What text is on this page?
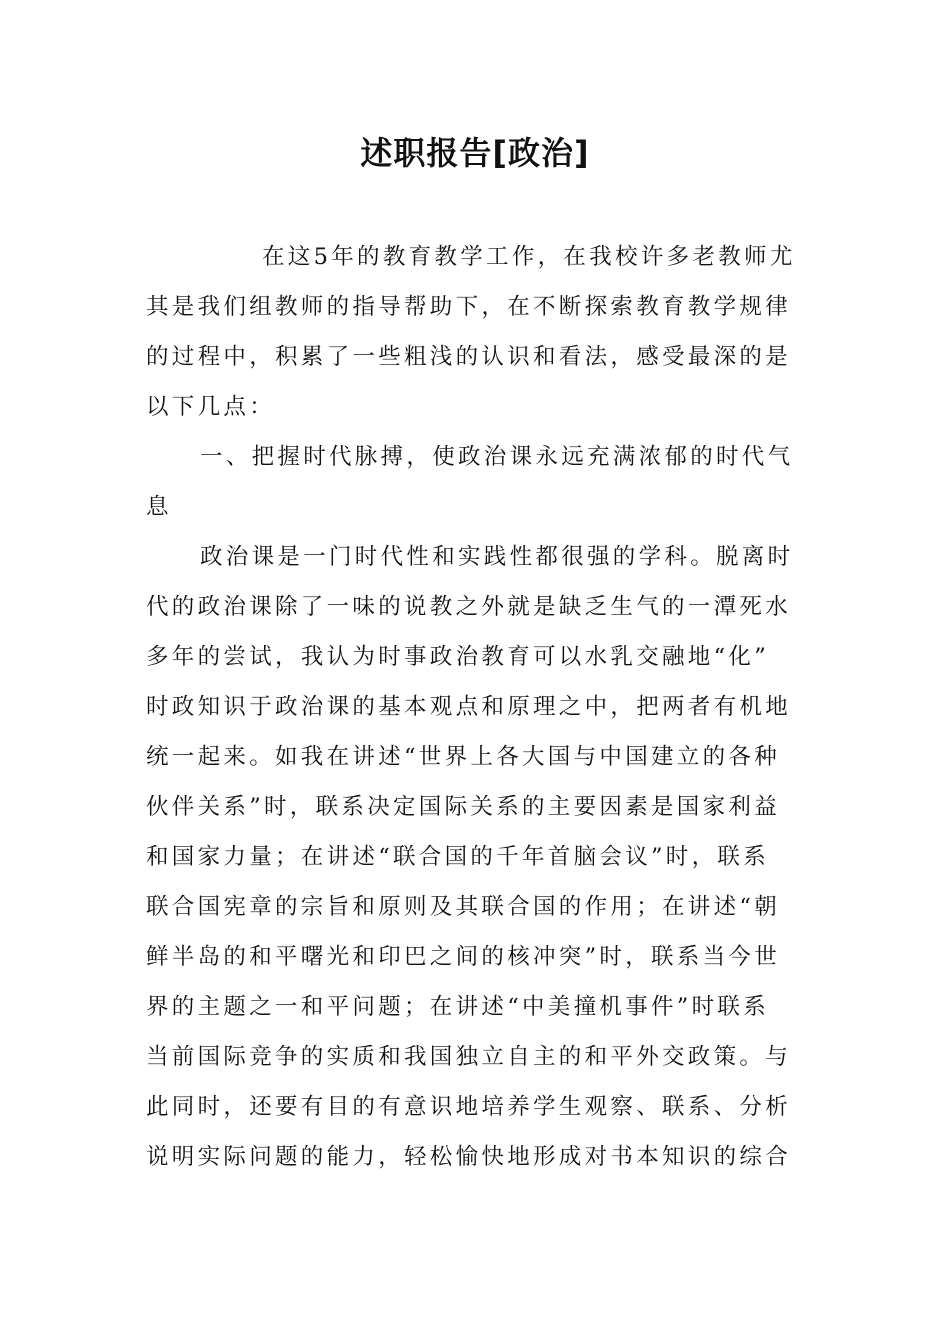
述职报告[政治]
在这5年的教育教学工作，在我校许多老教师尤
其是我们组教师的指导帮助下，在不断探索教育教学规律
的过程中，积累了一些粗浅的认识和看法，感受最深的是
以下几点：
一、把握时代脉搏，使政治课永远充满浓郁的时代气
息
政治课是一门时代性和实践性都很强的学科。脱离时
代的政治课除了一味的说教之外就是缺乏生气的一潭死水
多年的尝试，我认为时事政治教育可以水乳交融地“化”
时政知识于政治课的基本观点和原理之中，把两者有机地
统一起来。如我在讲述“世界上各大国与中国建立的各种
伙伴关系”时，联系决定国际关系的主要因素是国家利益
和国家力量；在讲述“联合国的千年首脑会议”时，联系
联合国宪章的宗旨和原则及其联合国的作用；在讲述“朝
鲜半岛的和平曙光和印巴之间的核冲突”时，联系当今世
界的主题之一和平问题；在讲述“中美撞机事件”时联系
当前国际竞争的实质和我国独立自主的和平外交政策。与
此同时，还要有目的有意识地培养学生观察、联系、分析
说明实际问题的能力，轻松愉快地形成对书本知识的综合
